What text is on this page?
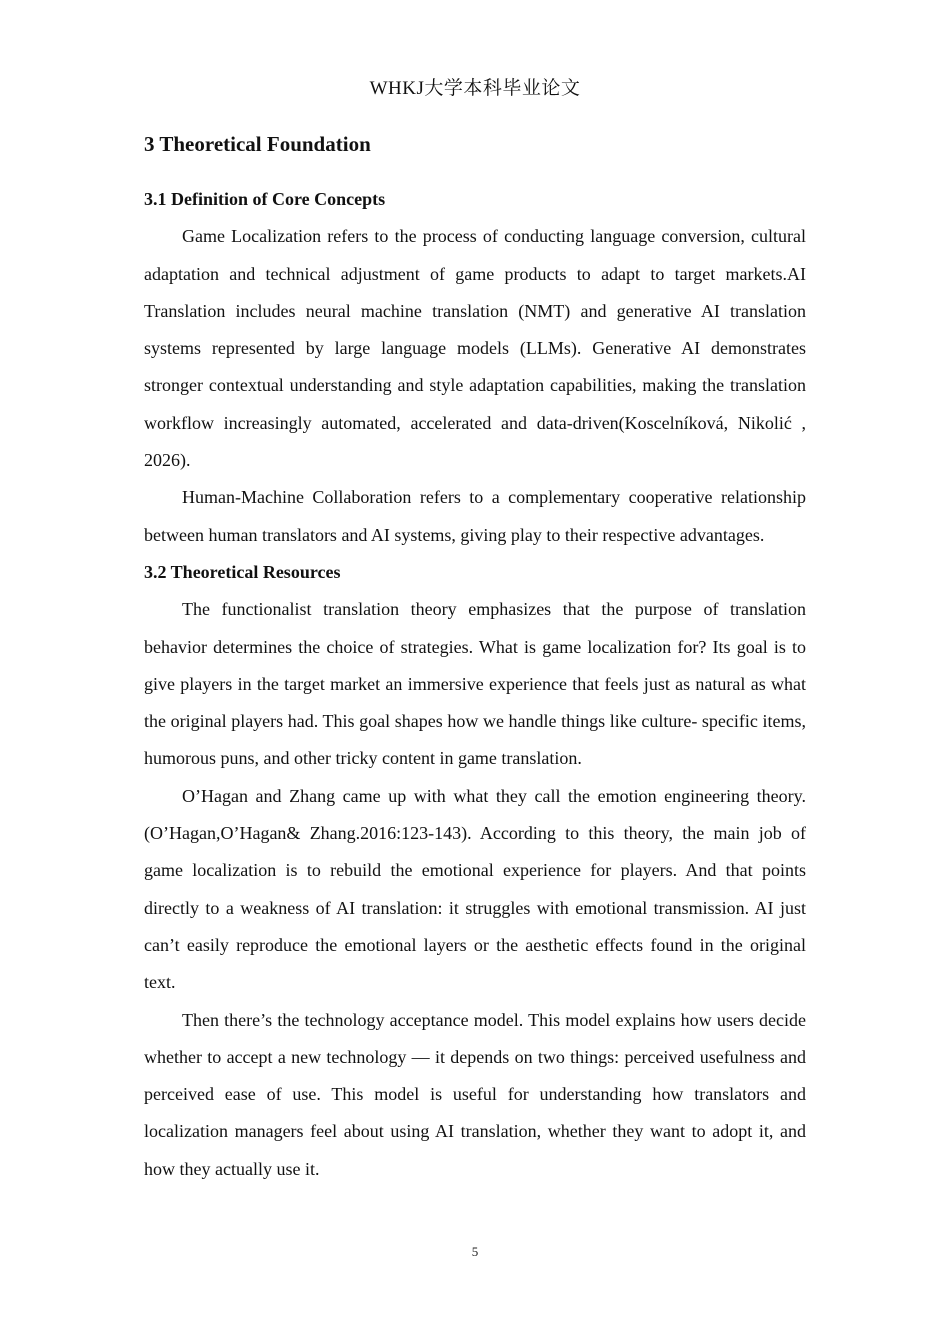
WHKJ大学本科毕业论文
3 Theoretical Foundation
3.1 Definition of Core Concepts

Game Localization refers to the process of conducting language conversion, cultural adaptation and technical adjustment of game products to adapt to target markets.AI Translation includes neural machine translation (NMT) and generative AI translation systems represented by large language models (LLMs). Generative AI demonstrates stronger contextual understanding and style adaptation capabilities, making the translation workflow increasingly automated, accelerated and data-driven(Koscelníková, Nikolić , 2026).

Human-Machine Collaboration refers to a complementary cooperative relationship between human translators and AI systems, giving play to their respective advantages.

3.2 Theoretical Resources

The functionalist translation theory emphasizes that the purpose of translation behavior determines the choice of strategies. What is game localization for? Its goal is to give players in the target market an immersive experience that feels just as natural as what the original players had. This goal shapes how we handle things like culture- specific items, humorous puns, and other tricky content in game translation.

O’Hagan and Zhang came up with what they call the emotion engineering theory.(O’Hagan,O’Hagan& Zhang.2016:123-143). According to this theory, the main job of game localization is to rebuild the emotional experience for players. And that points directly to a weakness of AI translation: it struggles with emotional transmission. AI just can’t easily reproduce the emotional layers or the aesthetic effects found in the original text.

Then there’s the technology acceptance model. This model explains how users decide whether to accept a new technology — it depends on two things: perceived usefulness and perceived ease of use. This model is useful for understanding how translators and localization managers feel about using AI translation, whether they want to adopt it, and how they actually use it.

5
